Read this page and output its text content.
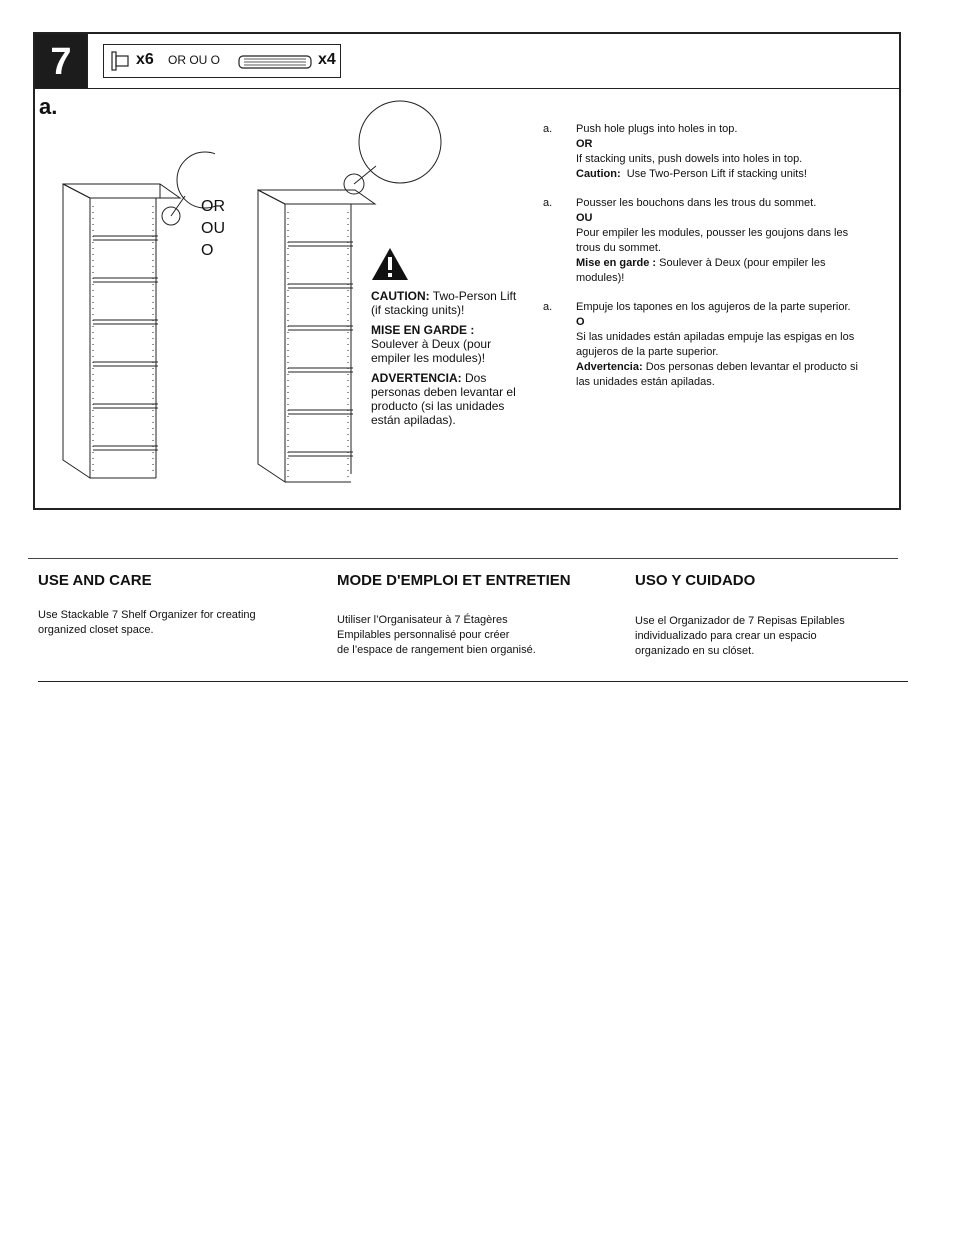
7	x6 OR OU O	x4
a.
OR
OU
O

CAUTION: Two-Person Lift (if stacking units)!

MISE EN GARDE :
Soulever à Deux (pour empiler les modules)!

ADVERTENCIA: Dos personas deben levantar el producto (si las unidades están apiladas).

a. Push hole plugs into holes in top.
OR
If stacking units, push dowels into holes in top.
Caution: Use Two-Person Lift if stacking units!
a. Pousser les bouchons dans les trous du sommet.
OU
Pour empiler les modules, pousser les goujons dans les trous du sommet.
Mise en garde : Soulever à Deux (pour empiler les modules)!
a. Empuje los tapones en los agujeros de la parte superior.
O
Si las unidades están apiladas empuje las espigas en los agujeros de la parte superior.
Advertencia: Dos personas deben levantar el producto si las unidades están apiladas.
USE AND CARE

Use Stackable 7 Shelf Organizer for creating organized closet space.

MODE D'EMPLOI ET ENTRETIEN

Utiliser l’Organisateur à 7 Étagères
Empilables personnalisé pour créer
de l’espace de rangement bien organisé.

USO Y CUIDADO

Use el Organizador de 7 Repisas Epilables individualizado para crear un espacio organizado en su clóset.
